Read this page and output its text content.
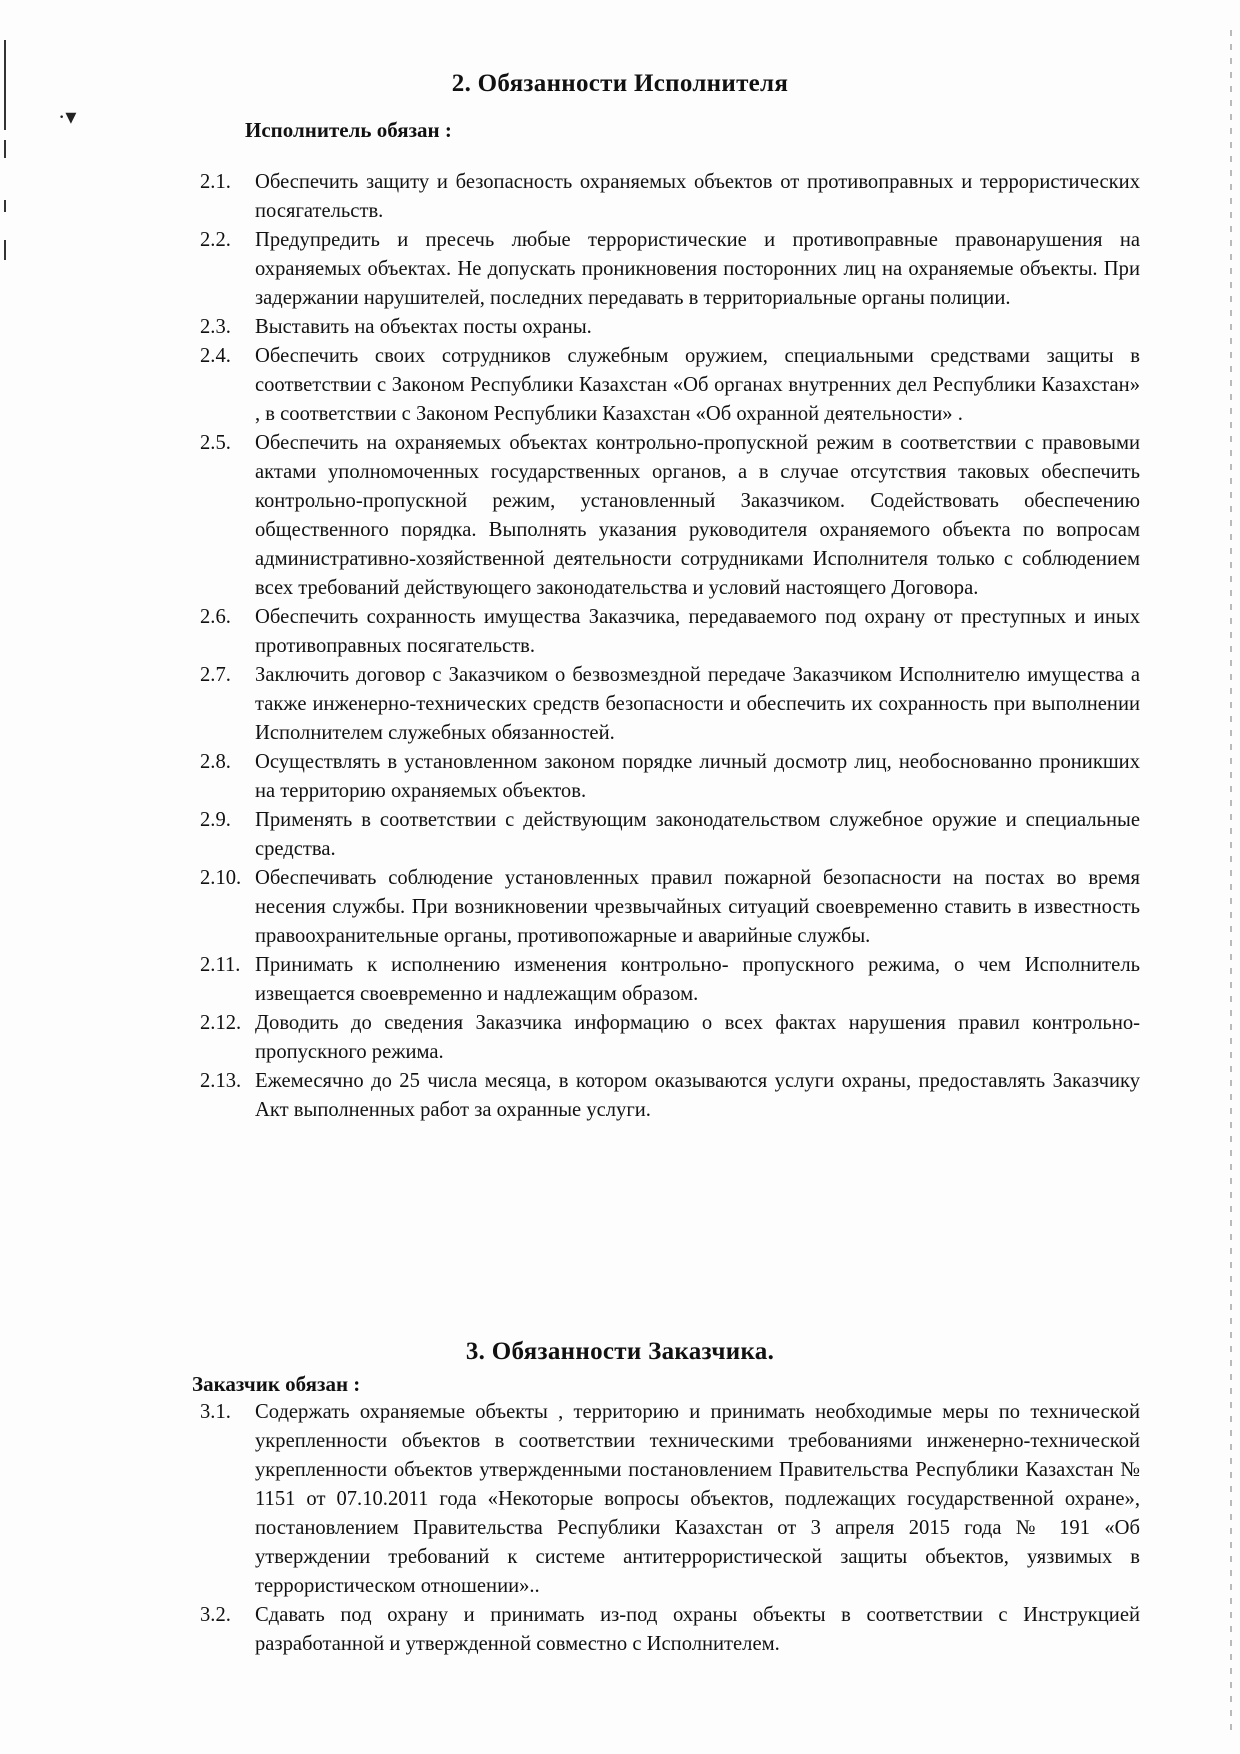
·▾
2. Обязанности Исполнителя
Исполнитель обязан :
2.1.	Обеспечить защиту и безопасность охраняемых объектов от противоправных и террористических посягательств.
2.2.	Предупредить и пресечь любые террористические и противоправные правонарушения на охраняемых объектах. Не допускать проникновения посторонних лиц на охраняемые объекты. При задержании нарушителей, последних передавать в территориальные органы полиции.
2.3.	Выставить на объектах посты охраны.
2.4.	Обеспечить своих сотрудников служебным оружием, специальными средствами защиты в соответствии с Законом Республики Казахстан «Об органах внутренних дел Республики Казахстан» , в соответствии с Законом Республики Казахстан «Об охранной деятельности» .
2.5.	Обеспечить на охраняемых объектах контрольно-пропускной режим в соответствии с правовыми актами уполномоченных государственных органов, а в случае отсутствия таковых обеспечить контрольно-пропускной режим, установленный Заказчиком. Содействовать обеспечению общественного порядка. Выполнять указания руководителя охраняемого объекта по вопросам административно-хозяйственной деятельности сотрудниками Исполнителя только с соблюдением всех требований действующего законодательства и условий настоящего Договора.
2.6.	Обеспечить сохранность имущества Заказчика, передаваемого под охрану от преступных и иных противоправных посягательств.
2.7.	Заключить договор с Заказчиком о безвозмездной передаче Заказчиком Исполнителю имущества а также инженерно-технических средств безопасности и обеспечить их сохранность при выполнении Исполнителем служебных обязанностей.
2.8.	Осуществлять в установленном законом порядке личный досмотр лиц, необоснованно проникших на территорию охраняемых объектов.
2.9.	Применять в соответствии с действующим законодательством служебное оружие и специальные средства.
2.10. Обеспечивать соблюдение установленных правил пожарной безопасности на постах во время несения службы. При возникновении чрезвычайных ситуаций своевременно ставить в известность правоохранительные органы, противопожарные и аварийные службы.
2.11. Принимать к исполнению изменения контрольно- пропускного режима, о чем Исполнитель извещается своевременно и надлежащим образом.
2.12. Доводить до сведения Заказчика информацию о всех фактах нарушения правил контрольно-пропускного режима.
2.13. Ежемесячно до 25 числа месяца, в котором оказываются услуги охраны, предоставлять Заказчику Акт выполненных работ за охранные услуги.
3. Обязанности Заказчика.
Заказчик обязан :
3.1.	Содержать охраняемые объекты , территорию и принимать необходимые меры по технической укрепленности объектов в соответствии техническими требованиями инженерно-технической укрепленности объектов утвержденными постановлением Правительства Республики Казахстан № 1151 от 07.10.2011 года «Некоторые вопросы объектов, подлежащих государственной охране», постановлением Правительства Республики Казахстан от 3 апреля 2015 года № 191 «Об утверждении требований к системе антитеррористической защиты объектов, уязвимых в террористическом отношении»..
3.2.	Сдавать под охрану и принимать из-под охраны объекты в соответствии с Инструкцией разработанной и утвержденной совместно с Исполнителем.
